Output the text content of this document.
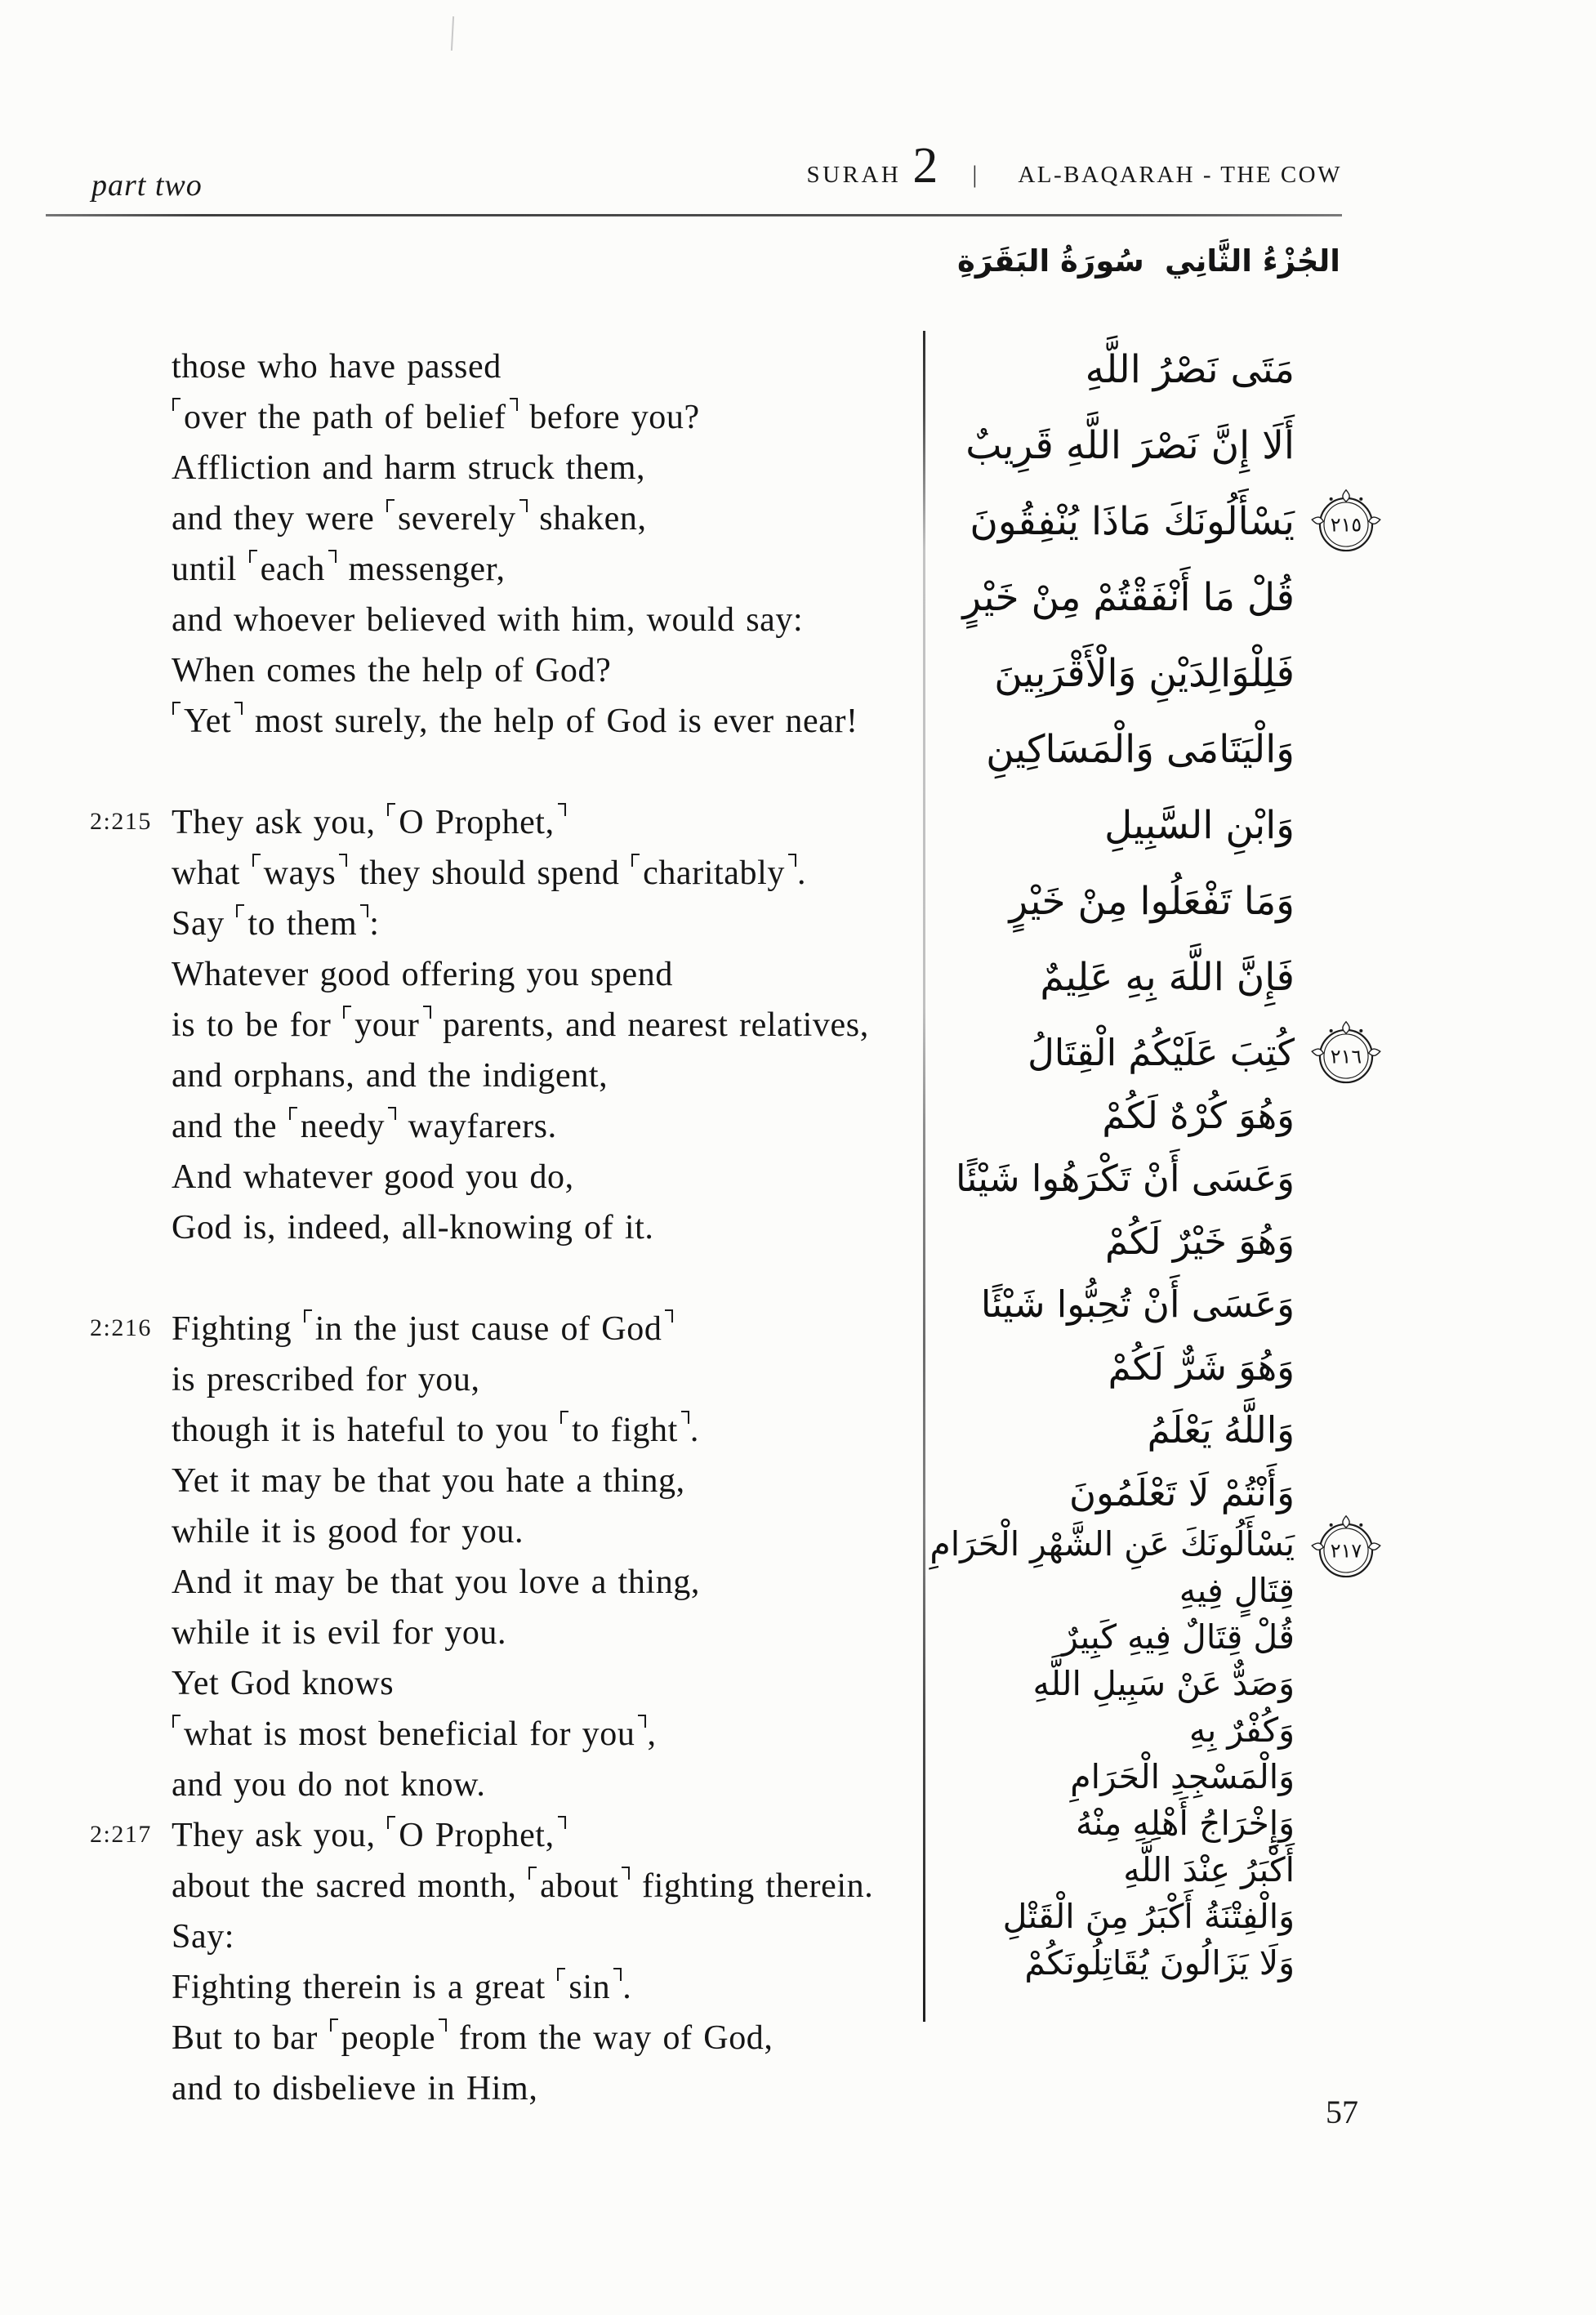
part two	SURAH 2 | AL-BAQARAH - THE COW
سُورَةُ البَقَرَةِ الجُزْءُ الثَّانِي
those who have passed
over the path of belief before you?
Affliction and harm struck them,
and they were severely shaken,
until each messenger,
and whoever believed with him, would say:
When comes the help of God?
Yet most surely, the help of God is ever near!
2:215 They ask you, O Prophet,
what ways they should spend charitably .
Say to them :
Whatever good offering you spend
is to be for your parents, and nearest relatives,
and orphans, and the indigent,
and the needy wayfarers.
And whatever good you do,
God is, indeed, all-knowing of it.
2:216 Fighting in the just cause of God
is prescribed for you,
though it is hateful to you to fight .
Yet it may be that you hate a thing,
while it is good for you.
And it may be that you love a thing,
while it is evil for you.
Yet God knows
what is most beneficial for you ,
and you do not know.
2:217 They ask you, O Prophet,
about the sacred month, about fighting therein.
Say:
Fighting therein is a great sin .
But to bar people from the way of God,
and to disbelieve in Him,
مَتَى نَصْرُ اللَّهِ
أَلَا إِنَّ نَصْرَ اللَّهِ قَرِيبٌ
يَسْأَلُونَكَ مَاذَا يُنْفِقُونَ ٢١٥
قُلْ مَا أَنْفَقْتُمْ مِنْ خَيْرٍ
فَلِلْوَالِدَيْنِ وَالْأَقْرَبِينَ
وَالْيَتَامَى وَالْمَسَاكِينِ
وَابْنِ السَّبِيلِ
وَمَا تَفْعَلُوا مِنْ خَيْرٍ
فَإِنَّ اللَّهَ بِهِ عَلِيمٌ
كُتِبَ عَلَيْكُمُ الْقِتَالُ ٢١٦
وَهُوَ كُرْهٌ لَكُمْ
وَعَسَى أَنْ تَكْرَهُوا شَيْئًا
وَهُوَ خَيْرٌ لَكُمْ
وَعَسَى أَنْ تُحِبُّوا شَيْئًا
وَهُوَ شَرٌّ لَكُمْ
وَاللَّهُ يَعْلَمُ
وَأَنْتُمْ لَا تَعْلَمُونَ
يَسْأَلُونَكَ عَنِ الشَّهْرِ الْحَرَامِ ٢١٧
قِتَالٍ فِيهِ
قُلْ قِتَالٌ فِيهِ كَبِيرٌ
وَصَدٌّ عَنْ سَبِيلِ اللَّهِ
وَكُفْرٌ بِهِ
وَالْمَسْجِدِ الْحَرَامِ
وَإِخْرَاجُ أَهْلِهِ مِنْهُ
أَكْبَرُ عِنْدَ اللَّهِ
وَالْفِتْنَةُ أَكْبَرُ مِنَ الْقَتْلِ
وَلَا يَزَالُونَ يُقَاتِلُونَكُمْ
57
